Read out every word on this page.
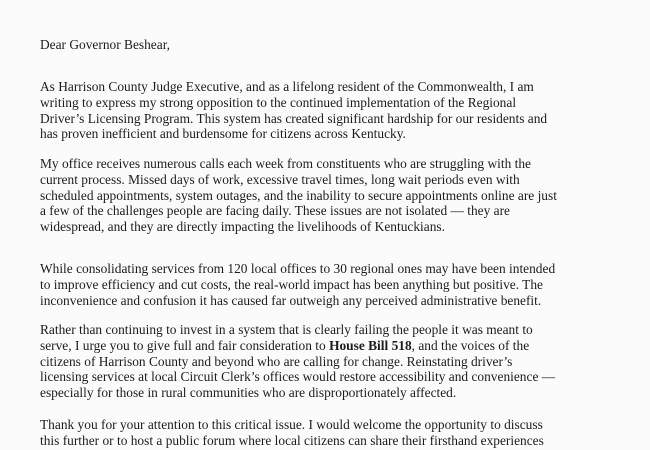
Dear Governor Beshear,
As Harrison County Judge Executive, and as a lifelong resident of the Commonwealth, I am
writing to express my strong opposition to the continued implementation of the Regional
Driver’s Licensing Program. This system has created significant hardship for our residents and
has proven inefficient and burdensome for citizens across Kentucky.
My office receives numerous calls each week from constituents who are struggling with the
current process. Missed days of work, excessive travel times, long wait periods even with
scheduled appointments, system outages, and the inability to secure appointments online are just
a few of the challenges people are facing daily. These issues are not isolated — they are
widespread, and they are directly impacting the livelihoods of Kentuckians.
While consolidating services from 120 local offices to 30 regional ones may have been intended
to improve efficiency and cut costs, the real-world impact has been anything but positive. The
inconvenience and confusion it has caused far outweigh any perceived administrative benefit.
Rather than continuing to invest in a system that is clearly failing the people it was meant to
serve, I urge you to give full and fair consideration to House Bill 518, and the voices of the
citizens of Harrison County and beyond who are calling for change. Reinstating driver’s
licensing services at local Circuit Clerk’s offices would restore accessibility and convenience —
especially for those in rural communities who are disproportionately affected.
Thank you for your attention to this critical issue. I would welcome the opportunity to discuss
this further or to host a public forum where local citizens can share their firsthand experiences
